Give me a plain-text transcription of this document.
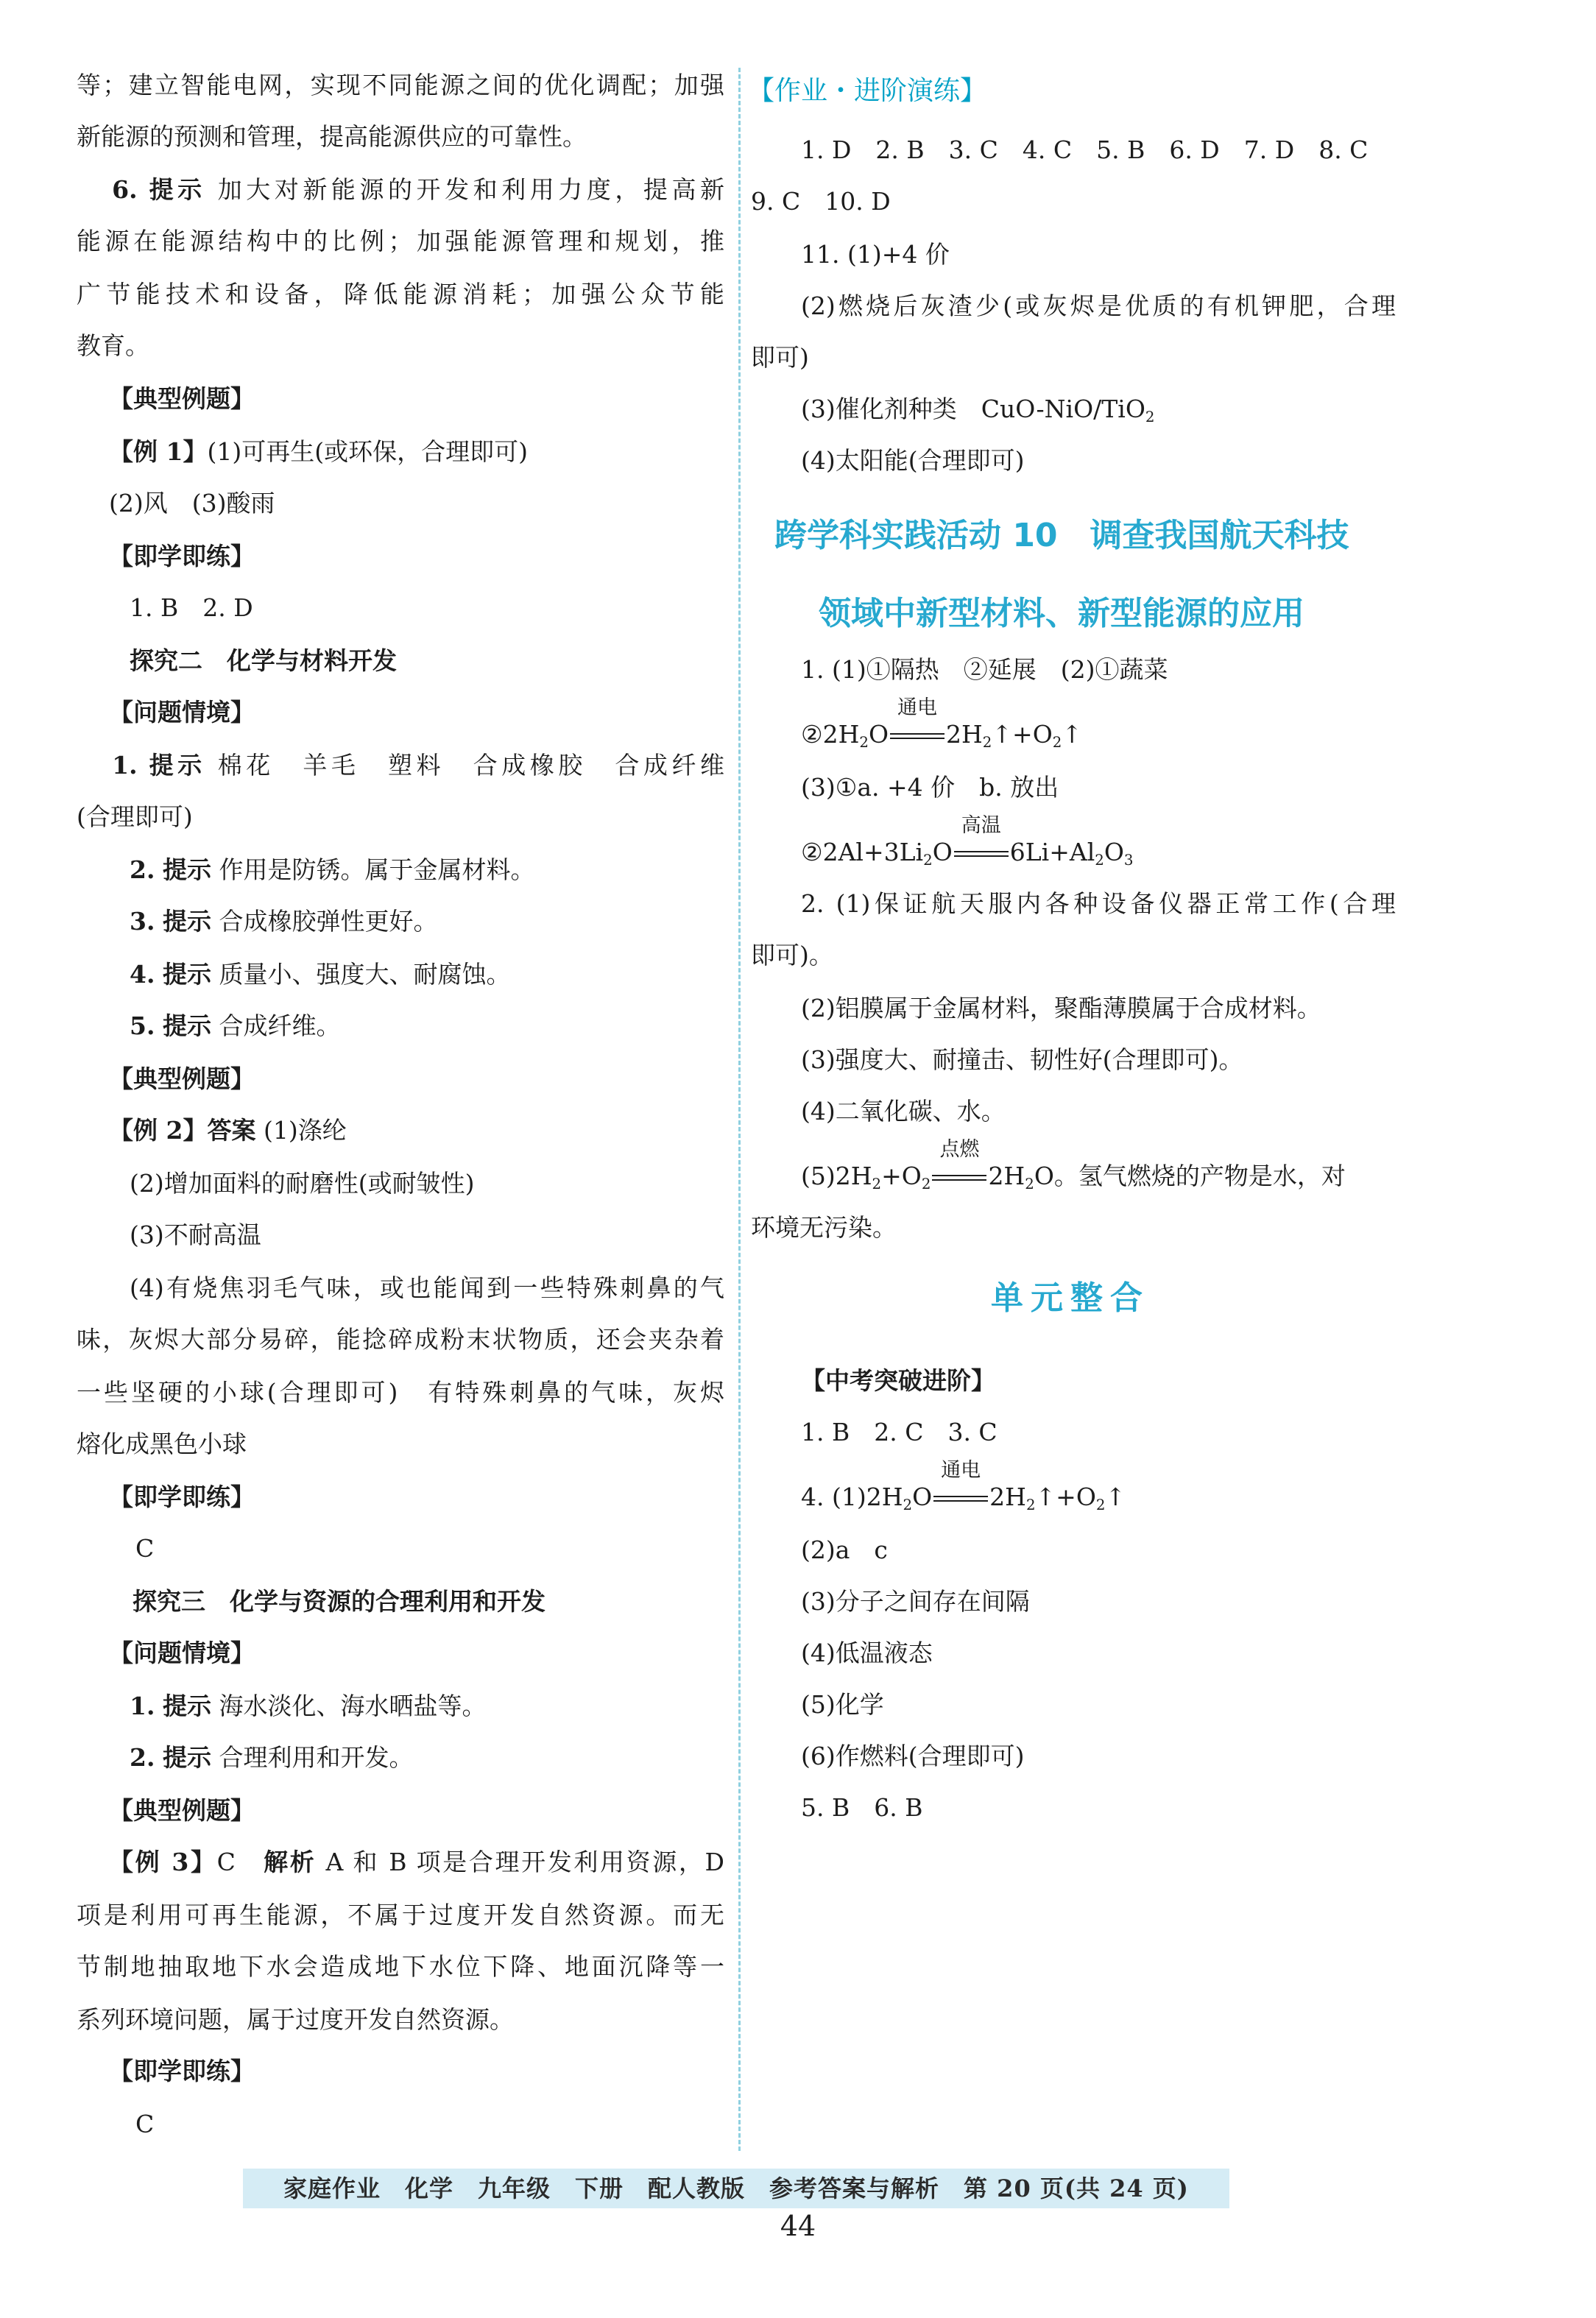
等；建立智能电网，实现不同能源之间的优化调配；加强
新能源的预测和管理，提高能源供应的可靠性。
6. 提示 加大对新能源的开发和利用力度，提高新
能源在能源结构中的比例；加强能源管理和规划，推
广节能技术和设备，降低能源消耗；加强公众节能
教育。
【典型例题】
【例 1】(1)可再生(或环保，合理即可)
(2)风　(3)酸雨
【即学即练】
1. B　2. D
探究二　化学与材料开发
【问题情境】
1. 提示 棉花　羊毛　塑料　合成橡胶　合成纤维
(合理即可)
2. 提示 作用是防锈。属于金属材料。
3. 提示 合成橡胶弹性更好。
4. 提示 质量小、强度大、耐腐蚀。
5. 提示 合成纤维。
【典型例题】
【例 2】答案 (1)涤纶
(2)增加面料的耐磨性(或耐皱性)
(3)不耐高温
(4)有烧焦羽毛气味，或也能闻到一些特殊刺鼻的气
味，灰烬大部分易碎，能捻碎成粉末状物质，还会夹杂着
一些坚硬的小球(合理即可)　有特殊刺鼻的气味，灰烬
熔化成黑色小球
【即学即练】
C
探究三　化学与资源的合理利用和开发
【问题情境】
1. 提示 海水淡化、海水晒盐等。
2. 提示 合理利用和开发。
【典型例题】
【例 3】C　 解析 A 和 B 项是合理开发利用资源，D
项是利用可再生能源，不属于过度开发自然资源。而无
节制地抽取地下水会造成地下水位下降、地面沉降等一
系列环境问题，属于过度开发自然资源。
【即学即练】
C
【作业・进阶演练】
1. D　2. B　3. C　4. C　5. B　6. D　7. D　8. C
9. C　10. D
11. (1)+4 价
(2)燃烧后灰渣少(或灰烬是优质的有机钾肥，合理
即可)
(3)催化剂种类　CuO-NiO/TiO$_2$
(4)太阳能(合理即可)
跨学科实践活动 10　调查我国航天科技
领域中新型材料、新型能源的应用
1. (1)①隔热　②延展　(2)①蔬菜
$②2H_2O$
通电
$2H_2↑+O_2↑$
(3)①a. +4 价　b. 放出
$②2Al+3Li_2O$
高温
$6Li+Al_2O_3$
2. (1)保证航天服内各种设备仪器正常工作(合理
即可)。
(2)铝膜属于金属材料，聚酯薄膜属于合成材料。
(3)强度大、耐撞击、韧性好(合理即可)。
(4)二氧化碳、水。
$(5)2H_2+O_2$
点燃
$2H_2O$。氢气燃烧的产物是水，对
环境无污染。
单元整合
【中考突破进阶】
1. B　2. C　3. C
4. $(1)2H_2O$
通电
$2H_2↑+O_2↑$
(2)a　c
(3)分子之间存在间隔
(4)低温液态
(5)化学
(6)作燃料(合理即可)
5. B　6. B
家庭作业　化学　九年级　下册　配人教版　参考答案与解析　第 20 页(共 24 页)
44
